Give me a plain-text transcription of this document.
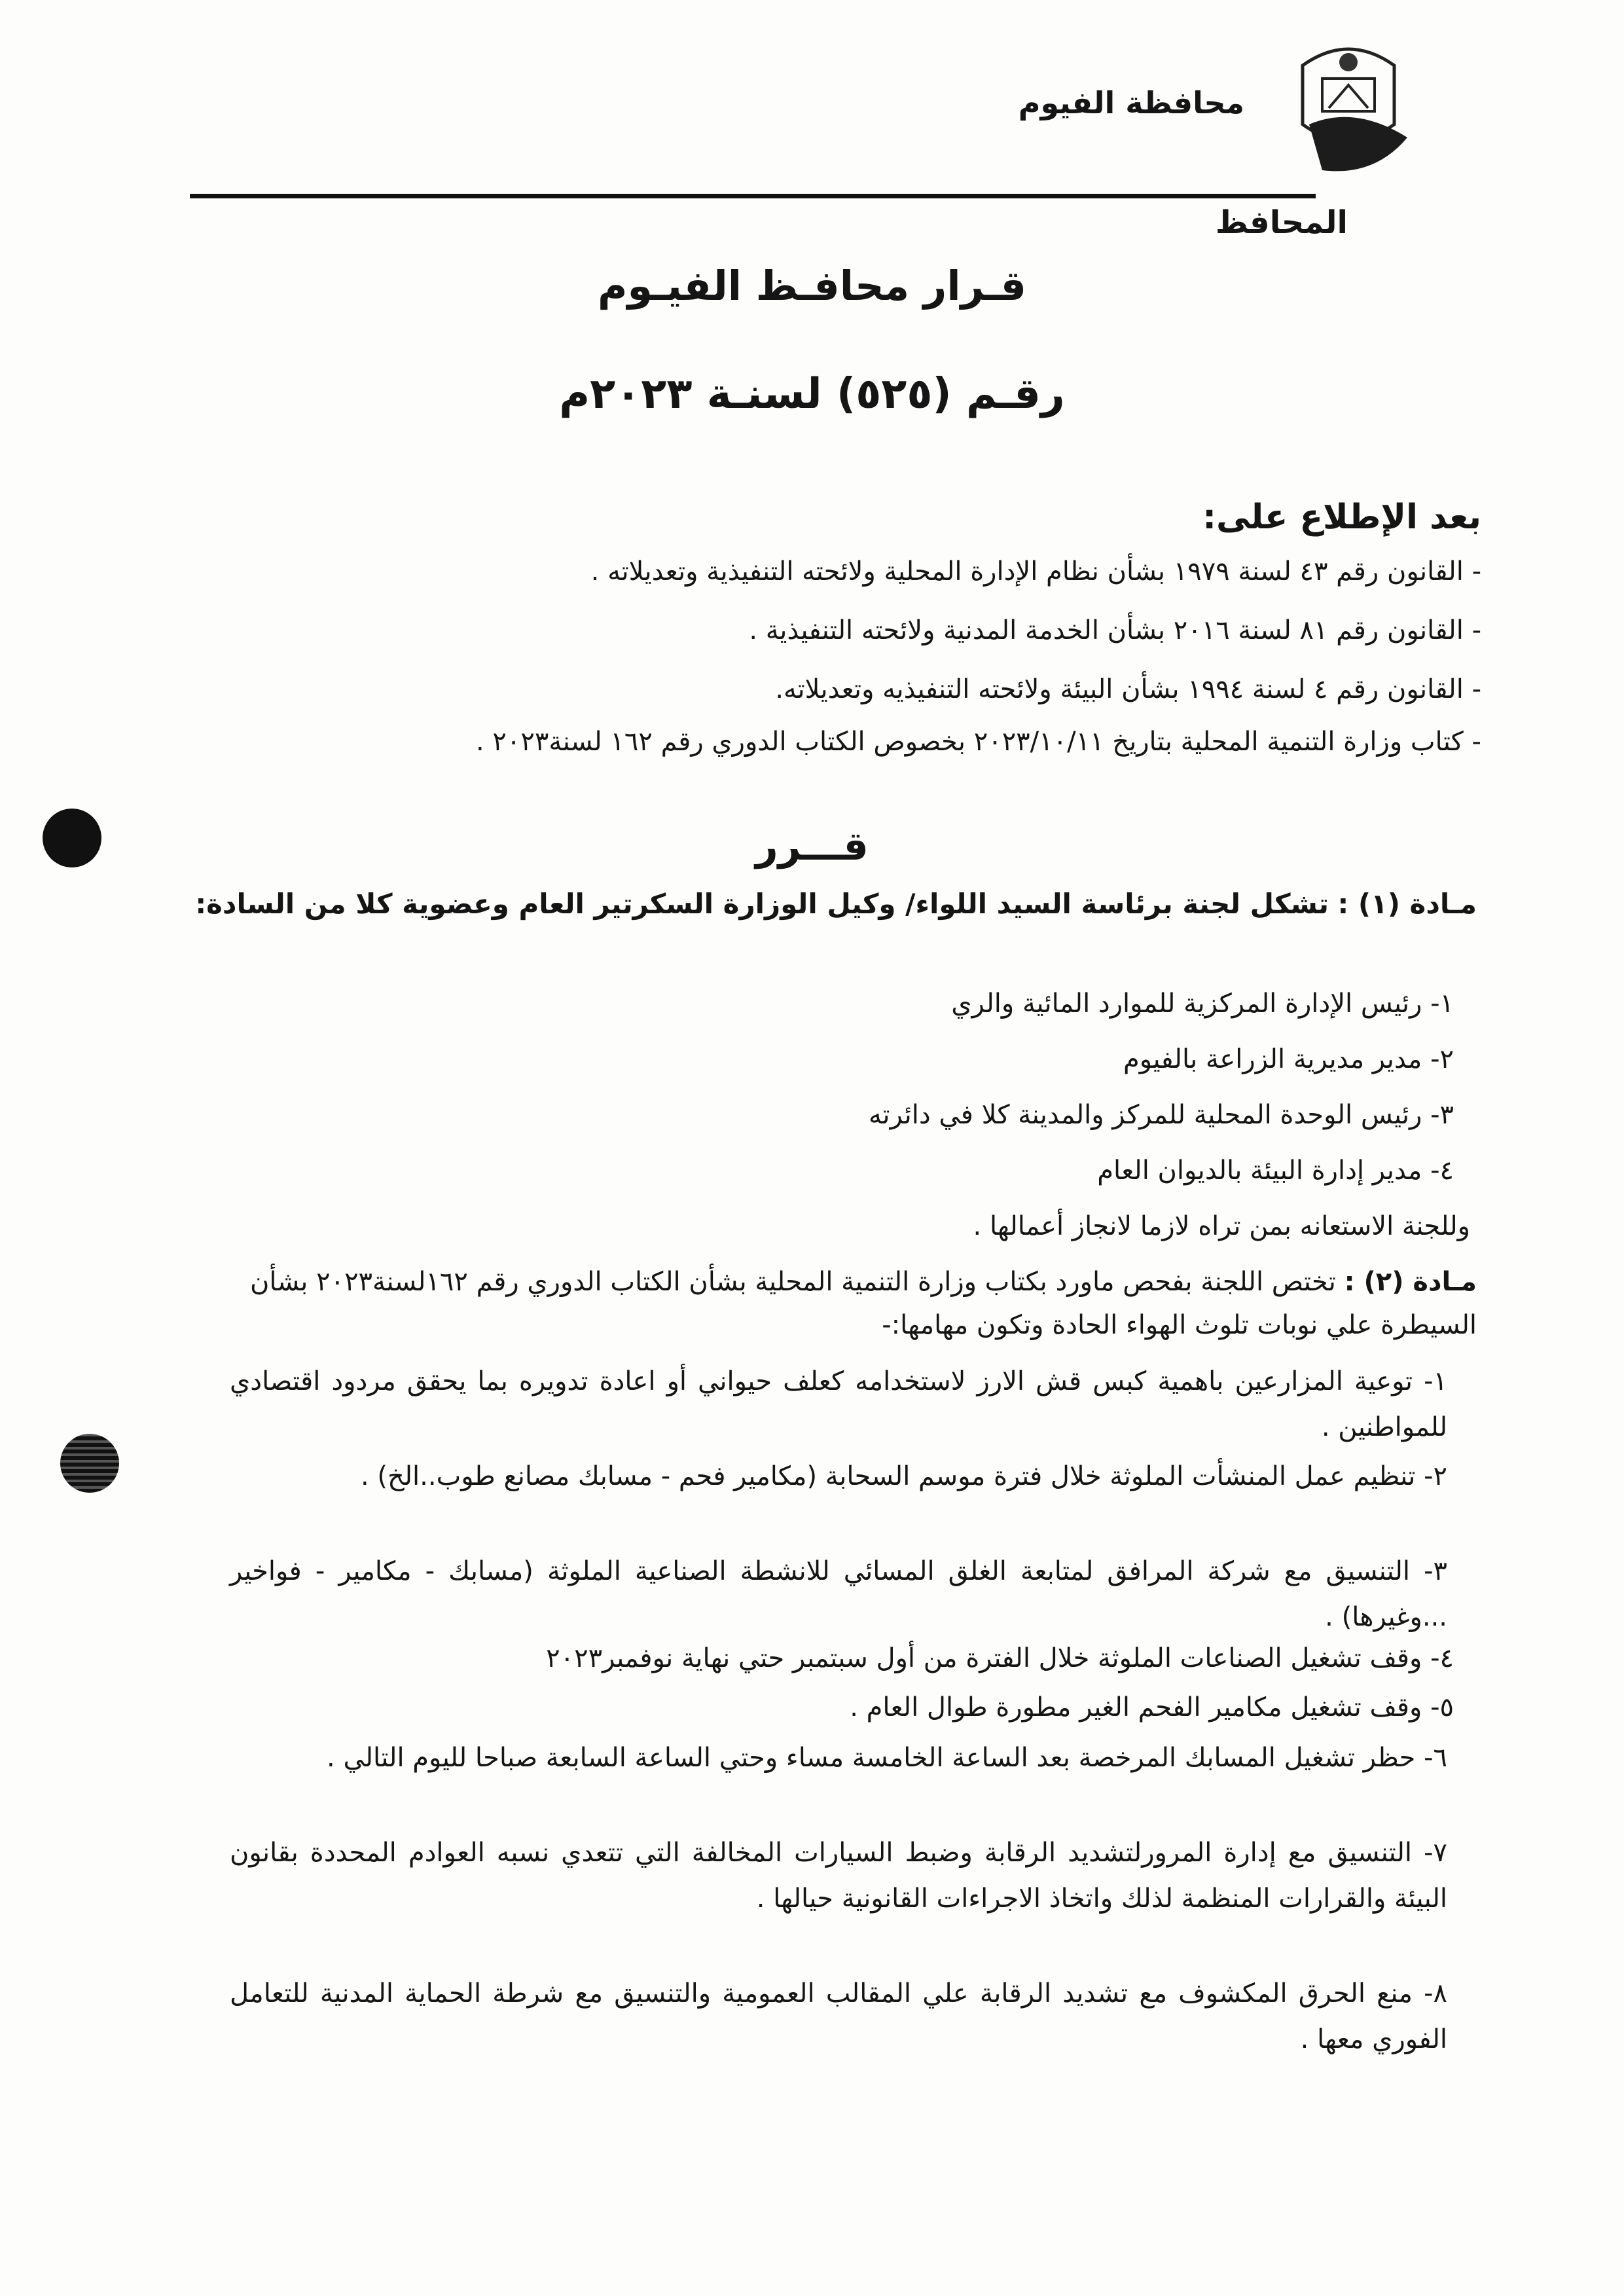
محافظة الفيوم
المحافظ
قـرار محافـظ الفيـوم
رقـم (٥٢٥) لسنـة ٢٠٢٣م
بعد الإطلاع على:
- القانون رقم ٤٣ لسنة ١٩٧٩ بشأن نظام الإدارة المحلية ولائحته التنفيذية وتعديلاته .
- القانون رقم ٨١ لسنة ٢٠١٦ بشأن الخدمة المدنية ولائحته التنفيذية .
- القانون رقم ٤ لسنة ١٩٩٤ بشأن البيئة ولائحته التنفيذيه وتعديلاته.
- كتاب وزارة التنمية المحلية بتاريخ ٢٠٢٣/١٠/١١ بخصوص الكتاب الدوري رقم ١٦٢ لسنة٢٠٢٣ .
قـــرر
مـادة (١) : تشكل لجنة برئاسة السيد اللواء/ وكيل الوزارة السكرتير العام وعضوية كلا من السادة:
١- رئيس الإدارة المركزية للموارد المائية والري
٢- مدير مديرية الزراعة بالفيوم
٣- رئيس الوحدة المحلية للمركز والمدينة كلا في دائرته
٤- مدير إدارة البيئة بالديوان العام
وللجنة الاستعانه بمن تراه لازما لانجاز أعمالها .
مـادة (٢) : تختص اللجنة بفحص ماورد بكتاب وزارة التنمية المحلية بشأن الكتاب الدوري رقم ١٦٢لسنة٢٠٢٣ بشأن السيطرة علي نوبات تلوث الهواء الحادة وتكون مهامها:-
١- توعية المزارعين باهمية كبس قش الارز لاستخدامه كعلف حيواني أو اعادة تدويره بما يحقق مردود اقتصادي للمواطنين .
٢- تنظيم عمل المنشأت الملوثة خلال فترة موسم السحابة (مكامير فحم - مسابك مصانع طوب..الخ) .
٣- التنسيق مع شركة المرافق لمتابعة الغلق المسائي للانشطة الصناعية الملوثة (مسابك - مكامير - فواخير ...وغيرها) .
٤- وقف تشغيل الصناعات الملوثة خلال الفترة من أول سبتمبر حتي نهاية نوفمبر٢٠٢٣
٥- وقف تشغيل مكامير الفحم الغير مطورة طوال العام .
٦- حظر تشغيل المسابك المرخصة بعد الساعة الخامسة مساء وحتي الساعة السابعة صباحا لليوم التالي .
٧- التنسيق مع إدارة المرورلتشديد الرقابة وضبط السيارات المخالفة التي تتعدي نسبه العوادم المحددة بقانون البيئة والقرارات المنظمة لذلك واتخاذ الاجراءات القانونية حيالها .
٨- منع الحرق المكشوف مع تشديد الرقابة علي المقالب العمومية والتنسيق مع شرطة الحماية المدنية للتعامل الفوري معها .
